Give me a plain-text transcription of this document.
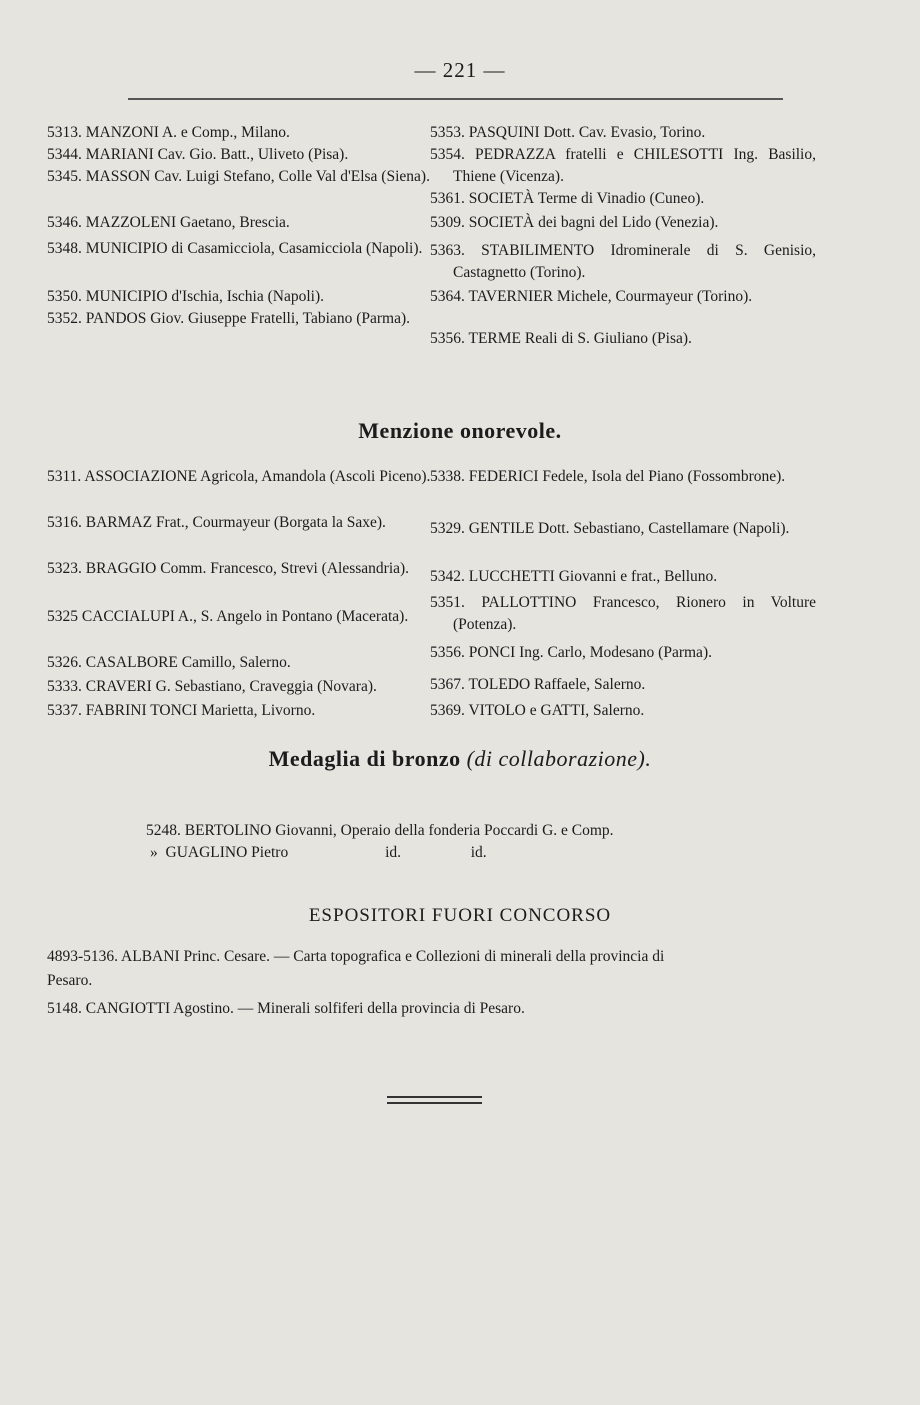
— 221 —
5313. MANZONI A. e Comp., Milano.
5344. MARIANI Cav. Gio. Batt., Uliveto (Pisa).
5345. MASSON Cav. Luigi Stefano, Colle Val d'Elsa (Siena).
5346. MAZZOLENI Gaetano, Brescia.
5348. MUNICIPIO di Casamicciola, Casamicciola (Napoli).
5350. MUNICIPIO d'Ischia, Ischia (Napoli).
5352. PANDOS Giov. Giuseppe Fratelli, Tabiano (Parma).
5353. PASQUINI Dott. Cav. Evasio, Torino.
5354. PEDRAZZA fratelli e CHILESOTTI Ing. Basilio, Thiene (Vicenza).
5361. SOCIETÀ Terme di Vinadio (Cuneo).
5309. SOCIETÀ dei bagni del Lido (Venezia).
5363. STABILIMENTO Idrominerale di S. Genisio, Castagnetto (Torino).
5364. TAVERNIER Michele, Courmayeur (Torino).
5356. TERME Reali di S. Giuliano (Pisa).
Menzione onorevole.
5311. ASSOCIAZIONE Agricola, Amandola (Ascoli Piceno).
5316. BARMAZ Frat., Courmayeur (Borgata la Saxe).
5323. BRAGGIO Comm. Francesco, Strevi (Alessandria).
5325 CACCIALUPI A., S. Angelo in Pontano (Macerata).
5326. CASALBORE Camillo, Salerno.
5333. CRAVERI G. Sebastiano, Craveggia (Novara).
5337. FABRINI TONCI Marietta, Livorno.
5338. FEDERICI Fedele, Isola del Piano (Fossombrone).
5329. GENTILE Dott. Sebastiano, Castellamare (Napoli).
5342. LUCCHETTI Giovanni e frat., Belluno.
5351. PALLOTTINO Francesco, Rionero in Volture (Potenza).
5356. PONCI Ing. Carlo, Modesano (Parma).
5367. TOLEDO Raffaele, Salerno.
5369. VITOLO e GATTI, Salerno.
Medaglia di bronzo (di collaborazione).
5248. BERTOLINO Giovanni, Operaio della fonderia Poccardi G. e Comp.
»  GUAGLINO Pietro                         id.                  id.
ESPOSITORI FUORI CONCORSO
4893-5136. ALBANI Princ. Cesare. — Carta topografica e Collezioni di minerali della provincia di
Pesaro.
5148. CANGIOTTI Agostino. — Minerali solfiferi della provincia di Pesaro.
